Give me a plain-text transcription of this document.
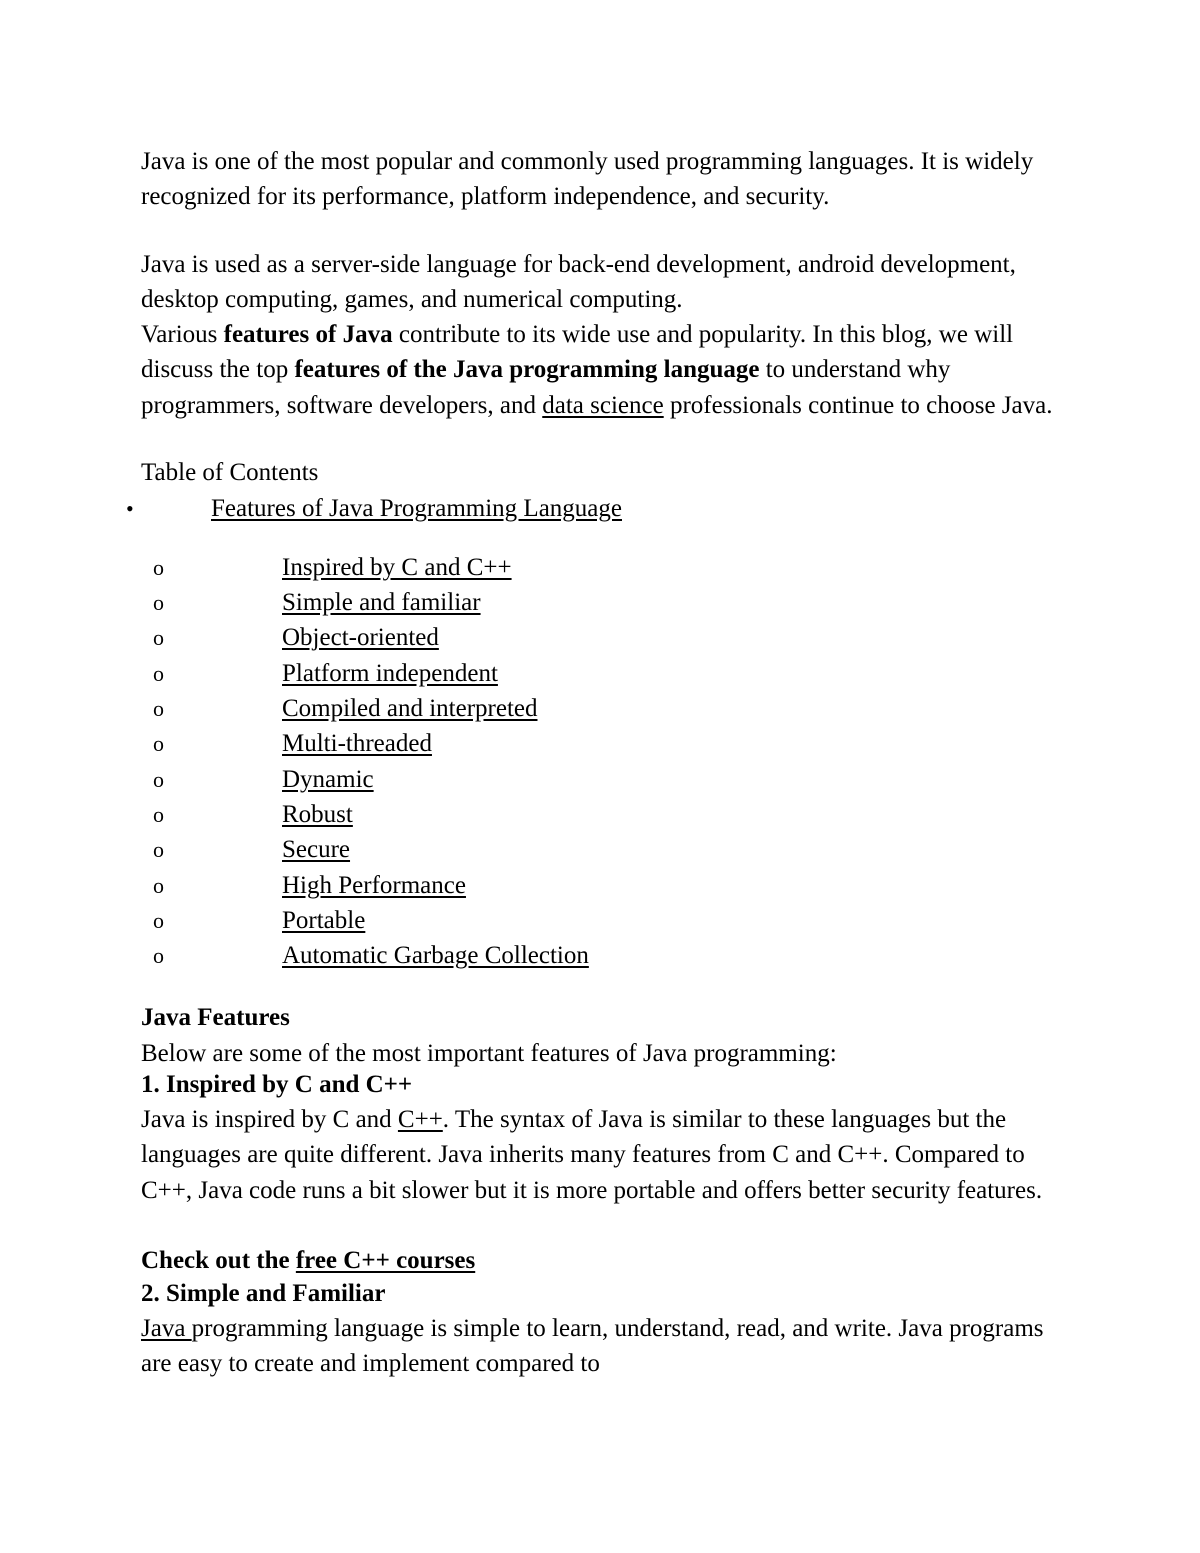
Java is one of the most popular and commonly used programming languages. It is widely recognized for its performance, platform independence, and security.

Java is used as a server-side language for back-end development, android development, desktop computing, games, and numerical computing.

Various features of Java contribute to its wide use and popularity. In this blog, we will discuss the top features of the Java programming language to understand why programmers, software developers, and data science professionals continue to choose Java.

Table of Contents
•	Features of Java Programming Language
o	Inspired by C and C++
o	Simple and familiar
o	Object-oriented
o	Platform independent
o	Compiled and interpreted
o	Multi-threaded
o	Dynamic
o	Robust
o	Secure
o	High Performance
o	Portable
o	Automatic Garbage Collection
Java Features
Below are some of the most important features of Java programming:
1. Inspired by C and C++

Java is inspired by C and C++. The syntax of Java is similar to these languages but the languages are quite different. Java inherits many features from C and C++. Compared to C++, Java code runs a bit slower but it is more portable and offers better security features.

Check out the free C++ courses
2. Simple and Familiar

Java programming language is simple to learn, understand, read, and write. Java programs are easy to create and implement compared to
